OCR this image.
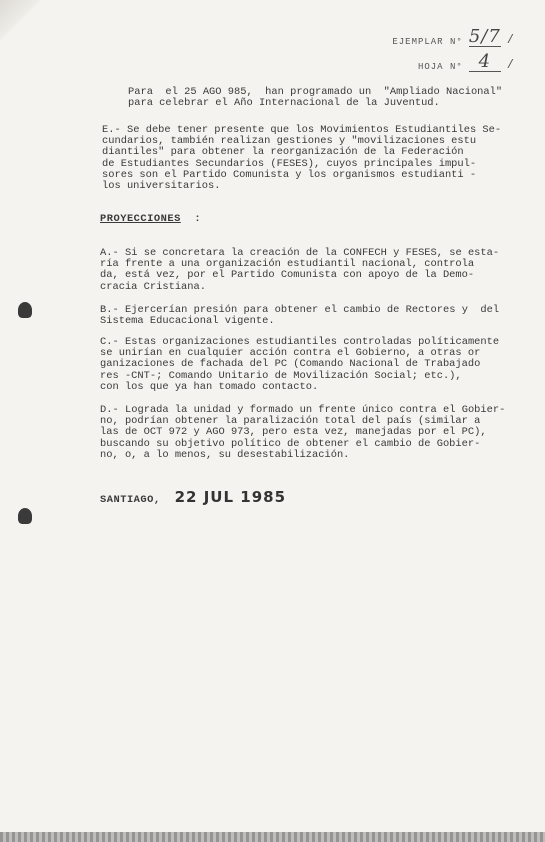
EJEMPLAR N° 5/7 /
HOJA N° 4	/
Para  el 25 AGO 985,  han programado un  "Ampliado Nacional"
para celebrar el Año Internacional de la Juventud.
E.- Se debe tener presente que los Movimientos Estudiantiles Se-
cundarios, también realizan gestiones y "movilizaciones estu
diantiles" para obtener la reorganización de la Federación
de Estudiantes Secundarios (FESES), cuyos principales impul-
sores son el Partido Comunista y los organismos estudianti -
los universitarios.
PROYECCIONES :
A.- Si se concretara la creación de la CONFECH y FESES, se esta-
ría frente a una organización estudiantil nacional, controla
da, está vez, por el Partido Comunista con apoyo de la Demo-
cracia Cristiana.
B.- Ejercerían presión para obtener el cambio de Rectores y  del
Sistema Educacional vigente.
C.- Estas organizaciones estudiantiles controladas políticamente
se unirían en cualquier acción contra el Gobierno, a otras or
ganizaciones de fachada del PC (Comando Nacional de Trabajado
res -CNT-; Comando Unitario de Movilización Social; etc.),
con los que ya han tomado contacto.
D.- Lograda la unidad y formado un frente único contra el Gobier-
no, podrían obtener la paralización total del país (similar a
las de OCT 972 y AGO 973, pero esta vez, manejadas por el PC),
buscando su objetivo político de obtener el cambio de Gobier-
no, o, a lo menos, su desestabilización.
SANTIAGO, 22 JUL 1985
